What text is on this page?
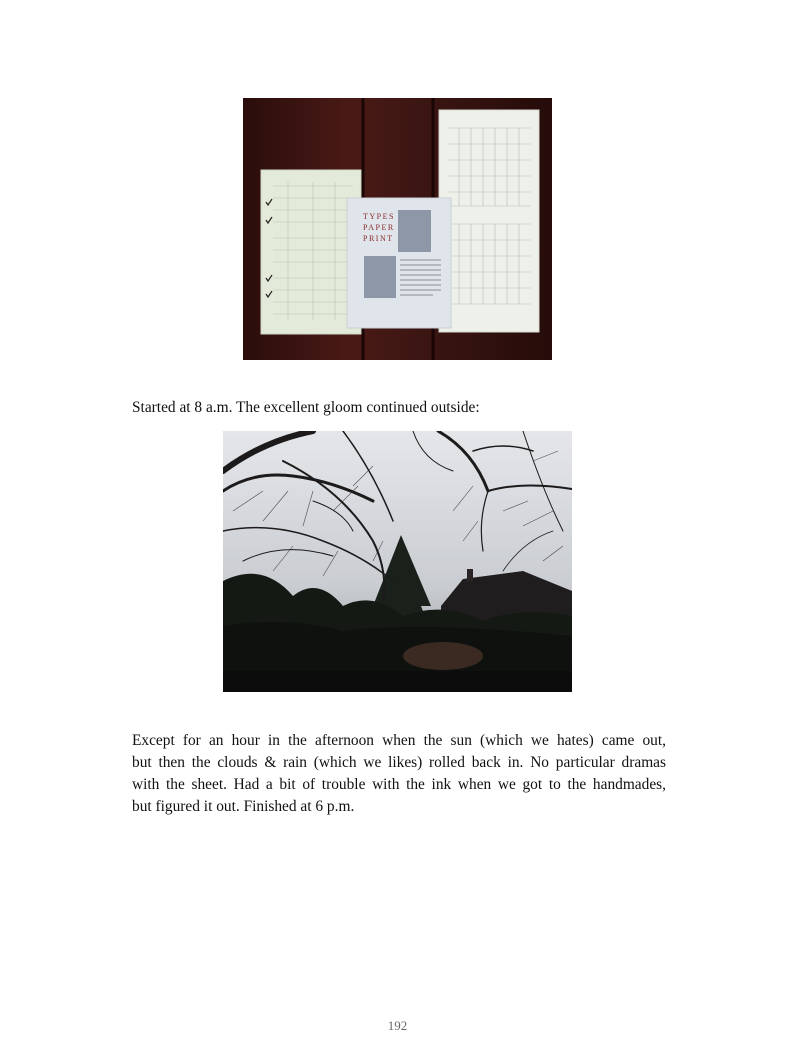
TYPES
PAPER
PRINT

Started at 8 a.m. The excellent gloom continued outside:

Except for an hour in the afternoon when the sun (which we hates) came out,
but then the clouds & rain (which we likes) rolled back in. No particular dramas
with the sheet. Had a bit of trouble with the ink when we got to the handmades,
but figured it out. Finished at 6 p.m.
192
